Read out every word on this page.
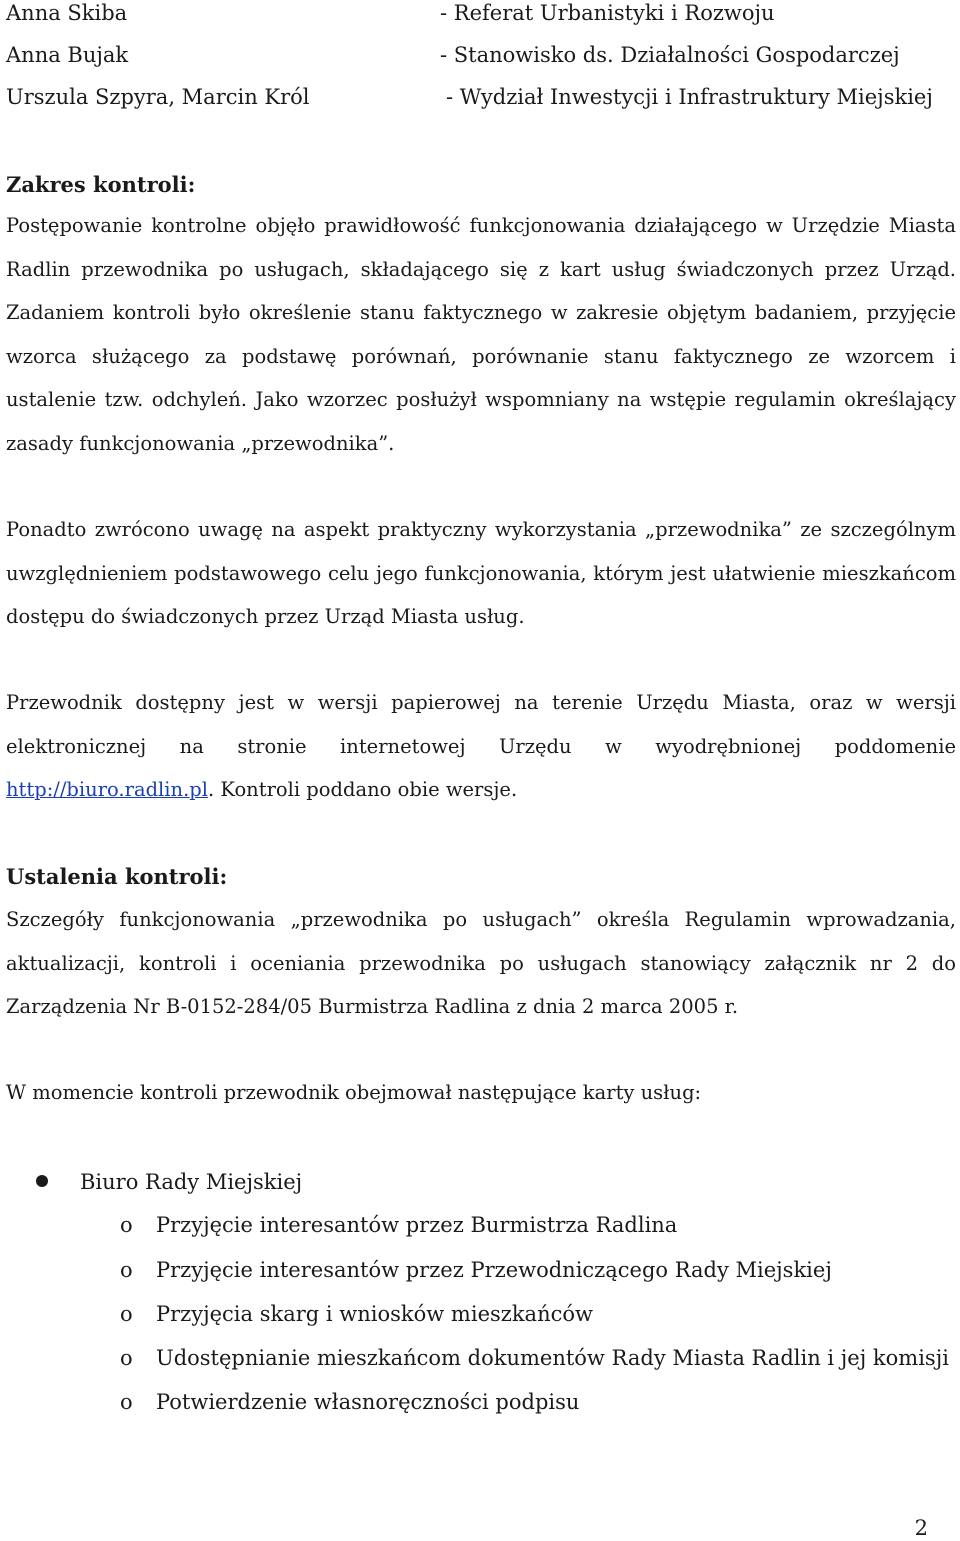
Anna Skiba	- Referat Urbanistyki i Rozwoju
Anna Bujak	- Stanowisko ds. Działalności Gospodarczej
Urszula Szpyra, Marcin Król	- Wydział Inwestycji i Infrastruktury Miejskiej
Zakres kontroli:

Postępowanie kontrolne objęło prawidłowość funkcjonowania działającego w Urzędzie Miasta Radlin przewodnika po usługach, składającego się z kart usług świadczonych przez Urząd. Zadaniem kontroli było określenie stanu faktycznego w zakresie objętym badaniem, przyjęcie wzorca służącego za podstawę porównań, porównanie stanu faktycznego ze wzorcem i ustalenie tzw. odchyleń. Jako wzorzec posłużył wspomniany na wstępie regulamin określający zasady funkcjonowania „przewodnika”.

Ponadto zwrócono uwagę na aspekt praktyczny wykorzystania „przewodnika” ze szczególnym uwzględnieniem podstawowego celu jego funkcjonowania, którym jest ułatwienie mieszkańcom dostępu do świadczonych przez Urząd Miasta usług.

Przewodnik dostępny jest w wersji papierowej na terenie Urzędu Miasta, oraz w wersji elektronicznej na stronie internetowej Urzędu w wyodrębnionej poddomenie http://biuro.radlin.pl. Kontroli poddano obie wersje.

Ustalenia kontroli:

Szczegóły funkcjonowania „przewodnika po usługach” określa Regulamin wprowadzania, aktualizacji, kontroli i oceniania przewodnika po usługach stanowiący załącznik nr 2 do Zarządzenia Nr B-0152-284/05 Burmistrza Radlina z dnia 2 marca 2005 r.

W momencie kontroli przewodnik obejmował następujące karty usług:

Biuro Rady Miejskiej
o Przyjęcie interesantów przez Burmistrza Radlina
o Przyjęcie interesantów przez Przewodniczącego Rady Miejskiej
o Przyjęcia skarg i wniosków mieszkańców
o Udostępnianie mieszkańcom dokumentów Rady Miasta Radlin i jej komisji
o Potwierdzenie własnoręczności podpisu
2
